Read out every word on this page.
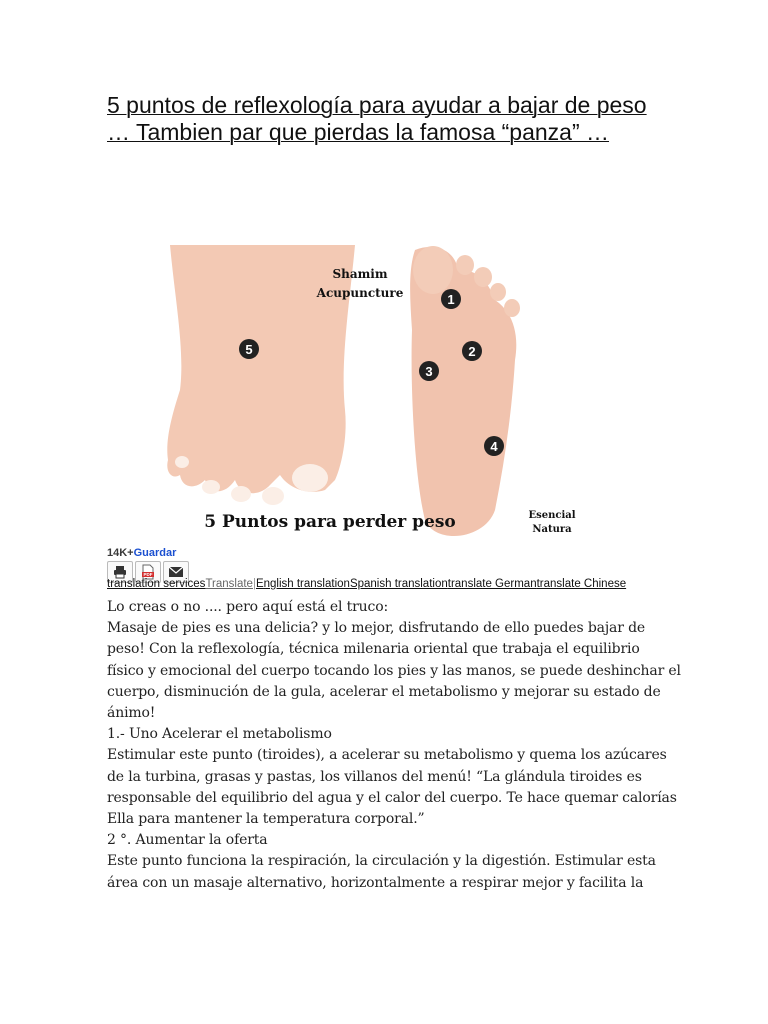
5 puntos de reflexología para ayudar a bajar de peso
… Tambien par que pierdas la famosa “panza” …
1
2
3
4
5
Shamim
Acupuncture
5 Puntos para perder peso	Esencial
Natura
14K+Guardar
PDF
translation servicesTranslate|English translationSpanish translationtranslate Germantranslate Chinese
Lo creas o no .... pero aquí está el truco:
Masaje de pies es una delicia? y lo mejor, disfrutando de ello puedes bajar de
peso! Con la reflexología, técnica milenaria oriental que trabaja el equilibrio
físico y emocional del cuerpo tocando los pies y las manos, se puede deshinchar el
cuerpo, disminución de la gula, acelerar el metabolismo y mejorar su estado de
ánimo!
1.- Uno Acelerar el metabolismo
Estimular este punto (tiroides), a acelerar su metabolismo y quema los azúcares
de la turbina, grasas y pastas, los villanos del menú! “La glándula tiroides es
responsable del equilibrio del agua y el calor del cuerpo. Te hace quemar calorías
Ella para mantener la temperatura corporal.”
2 °. Aumentar la oferta
Este punto funciona la respiración, la circulación y la digestión. Estimular esta
área con un masaje alternativo, horizontalmente a respirar mejor y facilita la
